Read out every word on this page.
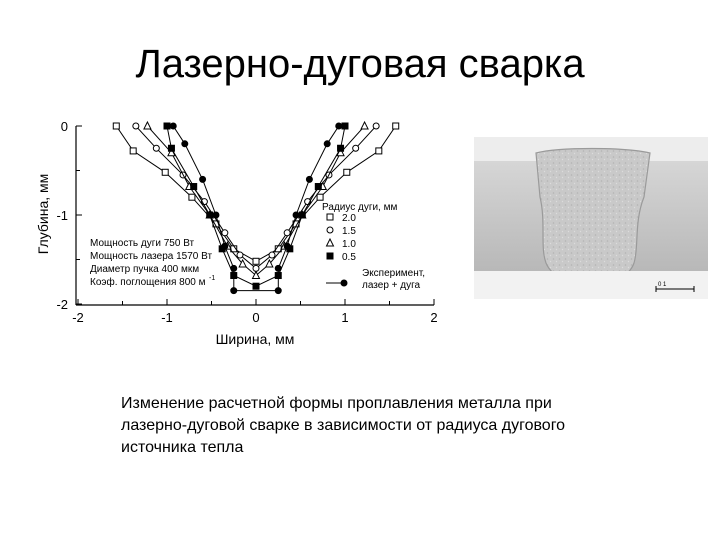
Лазерно-дуговая сварка
-2	-1	0	1	2
0
-1
-2
Ширина, мм
Глубина, мм	Мощность дуги 750 Вт
Мощность лазера 1570 Вт
Диаметр пучка 400 мкм
Коэф. поглощения 800 м -1
Радиус дуги, мм
2.0
1.5
1.0
0.5
Эксперимент,
лазер + дуга	0 1
Изменение расчетной формы проплавления металла при
лазерно-дуговой сварке в зависимости от радиуса дугового
источника тепла
